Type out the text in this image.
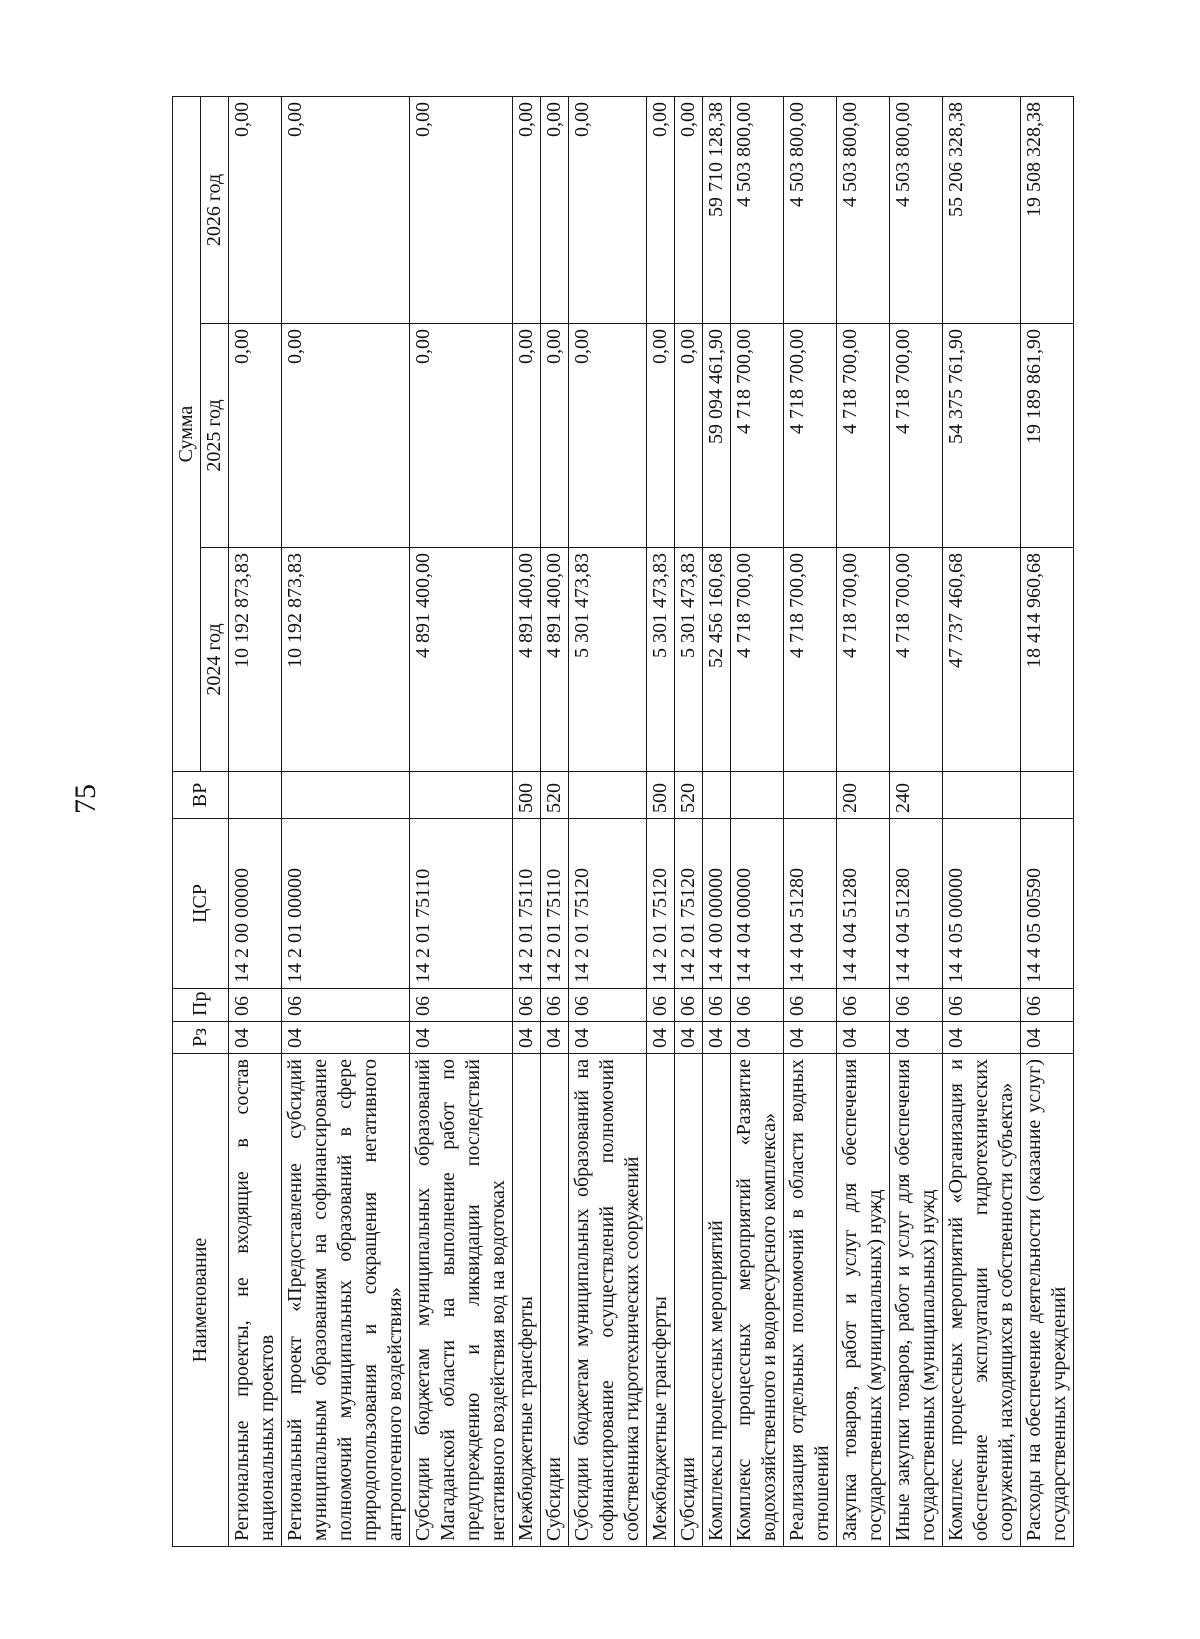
75
Наименование	Рз	Пр	ЦСР	ВР	Сумма		
					2024 год	2025 год	2026 год
Региональные проекты, не входящие в состав национальных проектов	04	06	14 2 00 00000		10 192 873,83	0,00	0,00
Региональный проект «Предоставление субсидий муниципальным образованиям на софинансирование полномочий муниципальных образований в сфере природопользования и сокращения негативного антропогенного воздействия»	04	06	14 2 01 00000		10 192 873,83	0,00	0,00
Субсидии бюджетам муниципальных образований Магаданской области на выполнение работ по предупреждению и ликвидации последствий негативного воздействия вод на водотоках	04	06	14 2 01 75110		4 891 400,00	0,00	0,00
Межбюджетные трансферты	04	06	14 2 01 75110	500	4 891 400,00	0,00	0,00
Субсидии	04	06	14 2 01 75110	520	4 891 400,00	0,00	0,00
Субсидии бюджетам муниципальных образований на софинансирование осуществлений полномочий собственника гидротехнических сооружений	04	06	14 2 01 75120		5 301 473,83	0,00	0,00
Межбюджетные трансферты	04	06	14 2 01 75120	500	5 301 473,83	0,00	0,00
Субсидии	04	06	14 2 01 75120	520	5 301 473,83	0,00	0,00
Комплексы процессных мероприятий	04	06	14 4 00 00000		52 456 160,68	59 094 461,90	59 710 128,38
Комплекс процессных мероприятий «Развитие водохозяйственного и водоресурсного комплекса»	04	06	14 4 04 00000		4 718 700,00	4 718 700,00	4 503 800,00
Реализация отдельных полномочий в области водных отношений	04	06	14 4 04 51280		4 718 700,00	4 718 700,00	4 503 800,00
Закупка товаров, работ и услуг для обеспечения государственных (муниципальных) нужд	04	06	14 4 04 51280	200	4 718 700,00	4 718 700,00	4 503 800,00
Иные закупки товаров, работ и услуг для обеспечения государственных (муниципальных) нужд	04	06	14 4 04 51280	240	4 718 700,00	4 718 700,00	4 503 800,00
Комплекс процессных мероприятий «Организация и обеспечение эксплуатации гидротехнических сооружений, находящихся в собственности субъекта»	04	06	14 4 05 00000		47 737 460,68	54 375 761,90	55 206 328,38
Расходы на обеспечение деятельности (оказание услуг) государственных учреждений	04	06	14 4 05 00590		18 414 960,68	19 189 861,90	19 508 328,38
